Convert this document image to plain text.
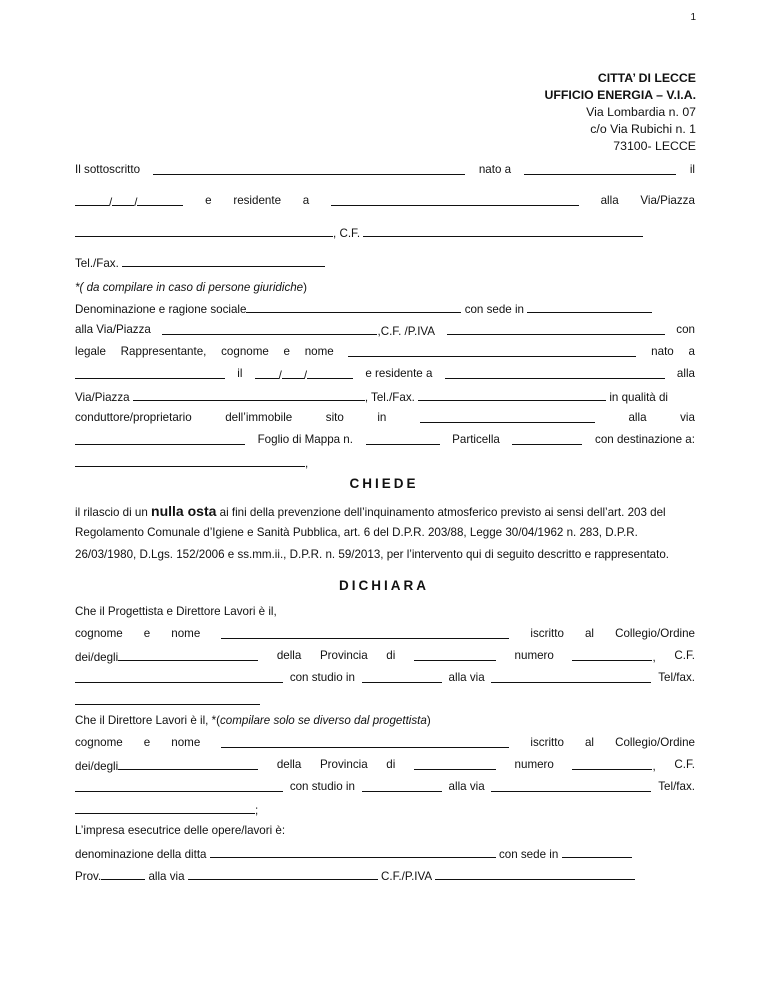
1
CITTA’ DI LECCE
UFFICIO ENERGIA – V.I.A.
Via Lombardia n. 07
c/o Via Rubichi n. 1
73100- LECCE
Il sottoscritto	nato a	il
/ /	e residente a	alla Via/Piazza
, C.F.
Tel./Fax.
*( da compilare in caso di persone giuridiche)
Denominazione e ragione sociale	con sede in
alla Via/Piazza	,C.F. /P.IVA	con
legale Rappresentante, cognome e nome	nato a
il	/ /	e residente a	alla
Via/Piazza	, Tel./Fax.	in qualità di
conduttore/proprietario	dell’immobile	sito	in	alla	via
Foglio di Mappa n.	Particella	con destinazione a:
,
CHIEDE
il rilascio di un nulla osta ai fini della prevenzione dell’inquinamento atmosferico previsto ai sensi dell’art. 203 del
Regolamento Comunale d’Igiene e Sanità Pubblica, art. 6 del D.P.R. 203/88, Legge 30/04/1962 n. 283, D.P.R.
26/03/1980, D.Lgs. 152/2006 e ss.mm.ii., D.P.R. n. 59/2013, per l’intervento qui di seguito descritto e rappresentato.
DICHIARA
Che il Progettista e Direttore Lavori è il,
cognome e nome	iscritto al Collegio/Ordine
dei/degli	della Provincia di	numero	, C.F.
con studio in	alla via	Tel/fax.
Che il Direttore Lavori è il, *(compilare solo se diverso dal progettista)
cognome e nome	iscritto al Collegio/Ordine
dei/degli	della Provincia di	numero	, C.F.
con studio in	alla via	Tel/fax.
;
L’impresa esecutrice delle opere/lavori è:
denominazione della ditta	con sede in
Prov.	alla via	C.F./P.IVA
